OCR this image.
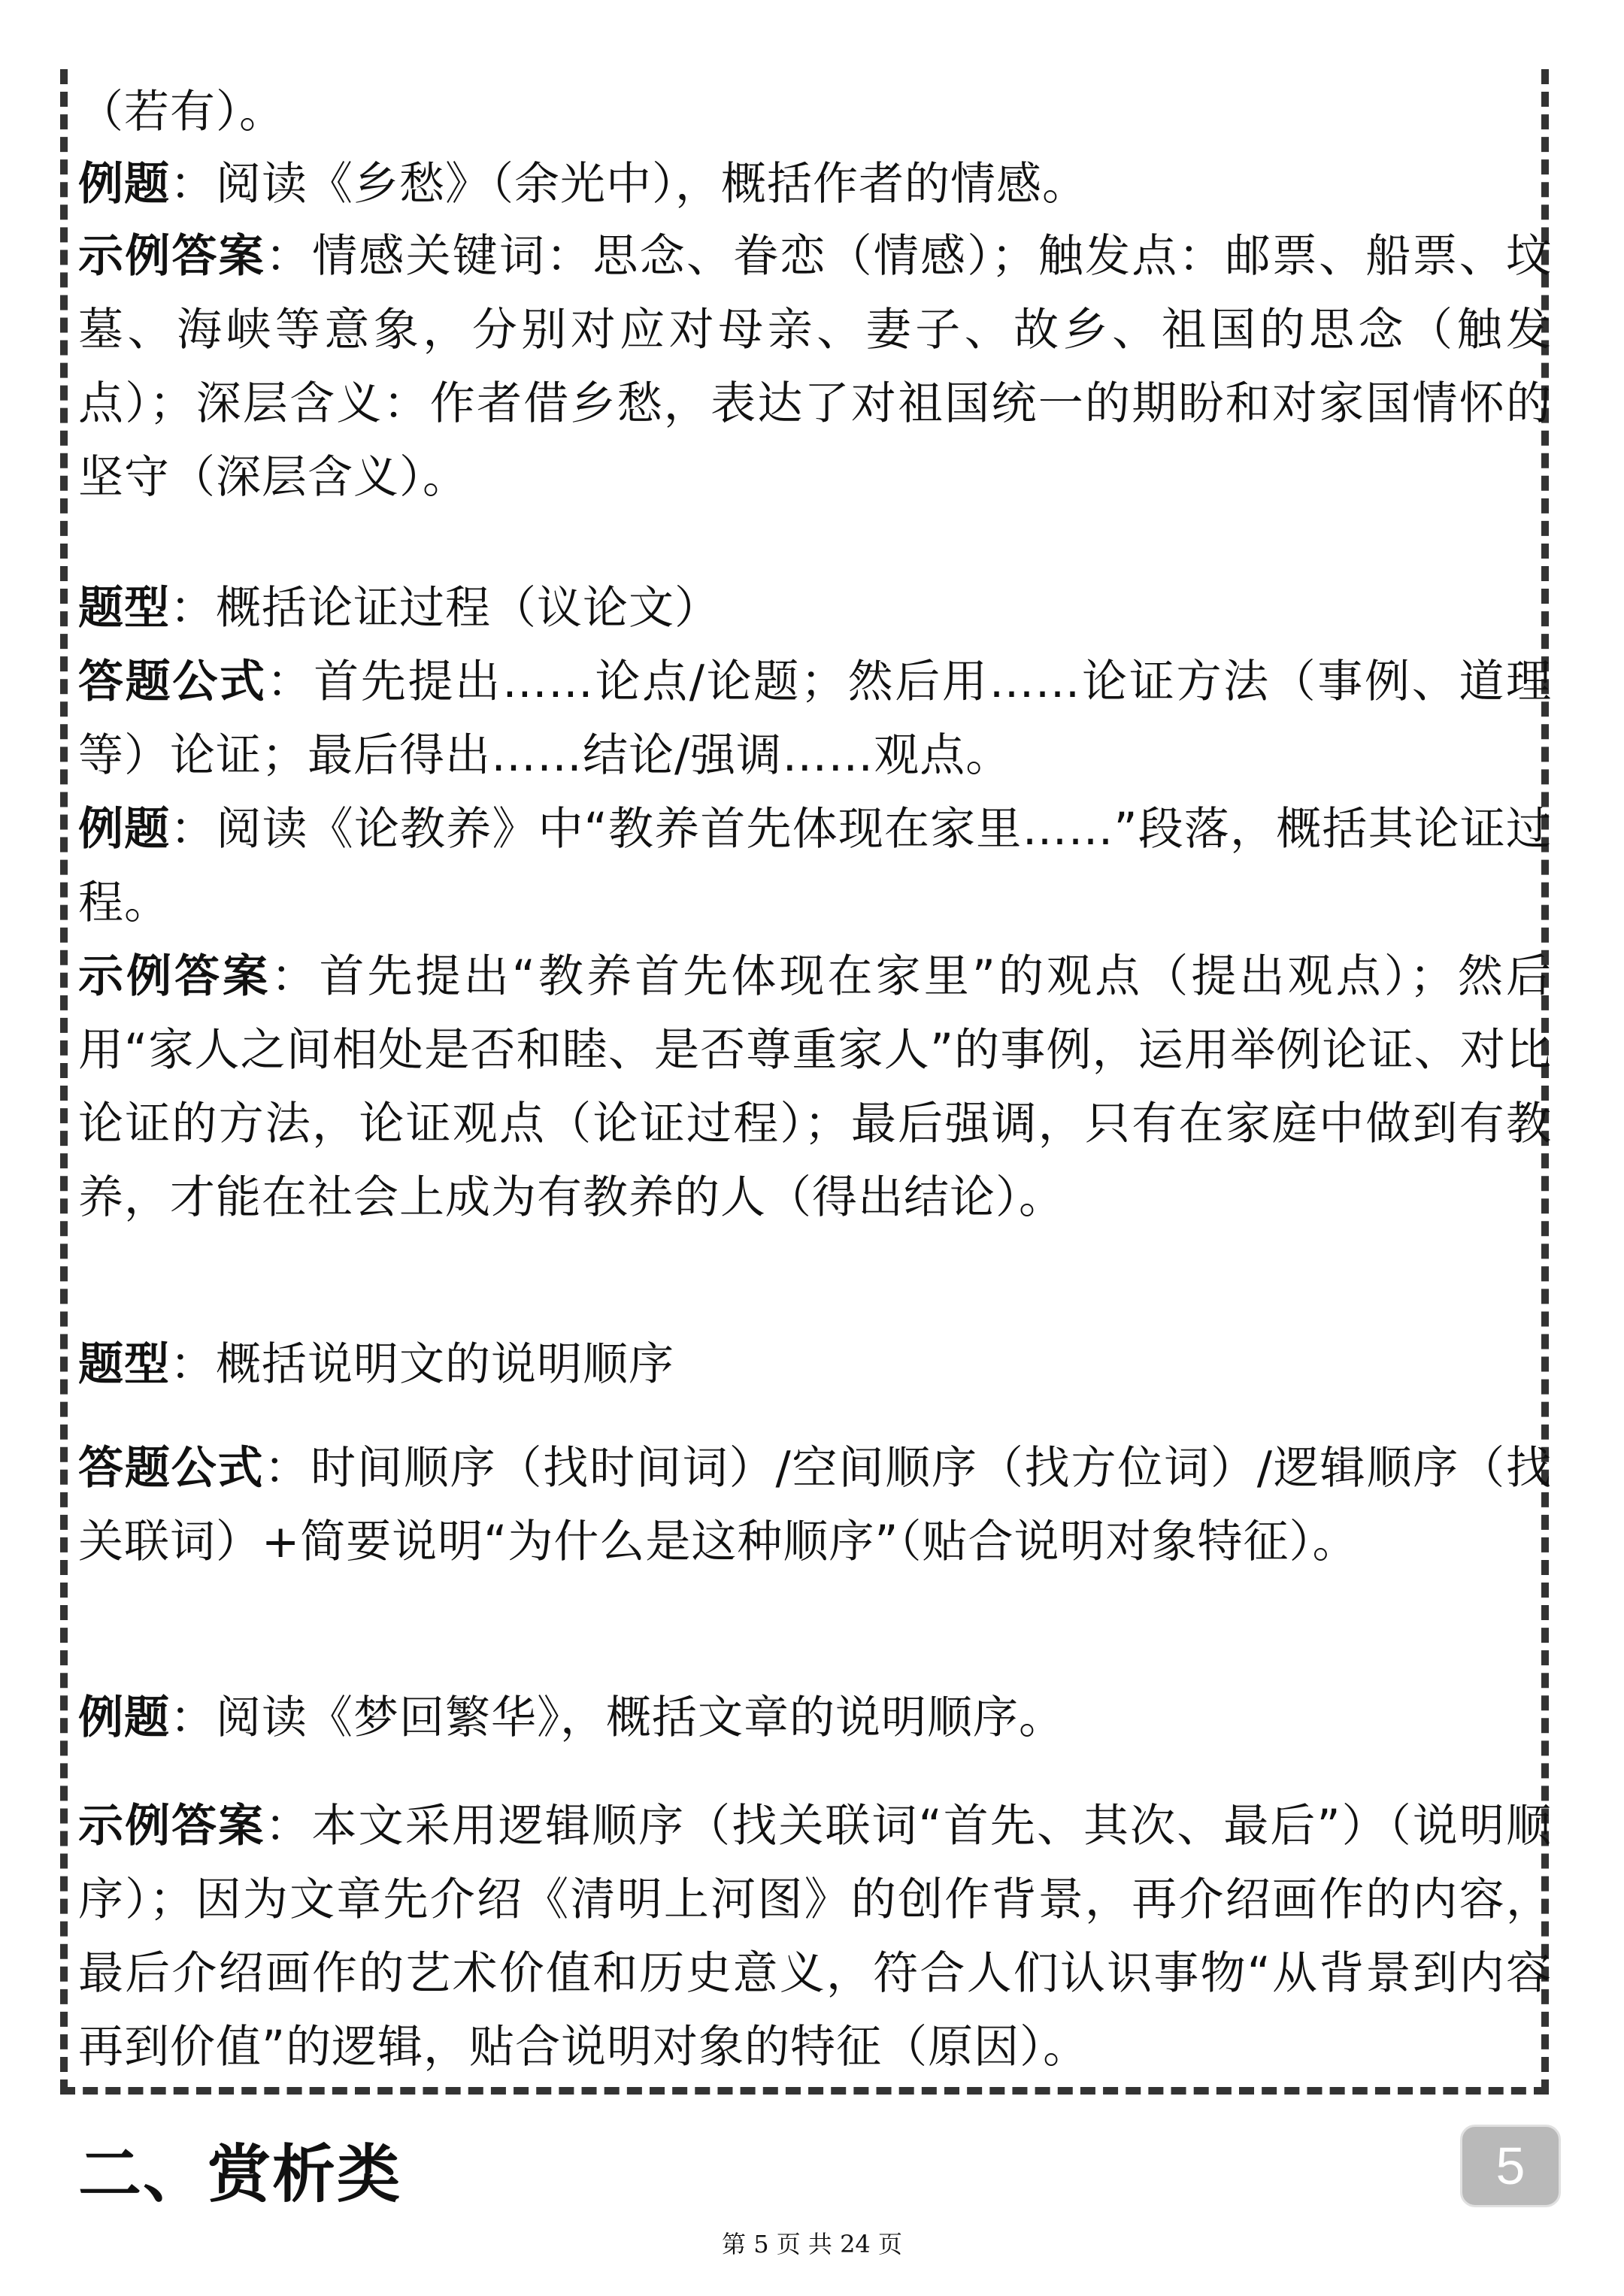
（若有）。
例题：阅读《乡愁》（余光中），概括作者的情感。
示例答案：情感关键词：思念、眷恋（情感）；触发点：邮票、船票、坟墓、海峡等意象，分别对应对母亲、妻子、故乡、祖国的思念（触发点）；深层含义：作者借乡愁，表达了对祖国统一的期盼和对家国情怀的坚守（深层含义）。
题型：概括论证过程（议论文）
答题公式：首先提出……论点/论题；然后用……论证方法（事例、道理等）论证；最后得出……结论/强调……观点。
例题：阅读《论教养》中“教养首先体现在家里……”段落，概括其论证过程。
示例答案：首先提出“教养首先体现在家里”的观点（提出观点）；然后用“家人之间相处是否和睦、是否尊重家人”的事例，运用举例论证、对比论证的方法，论证观点（论证过程）；最后强调，只有在家庭中做到有教养，才能在社会上成为有教养的人（得出结论）。
题型：概括说明文的说明顺序
答题公式：时间顺序（找时间词）/空间顺序（找方位词）/逻辑顺序（找关联词）+简要说明“为什么是这种顺序”（贴合说明对象特征）。
例题：阅读《梦回繁华》，概括文章的说明顺序。
示例答案：本文采用逻辑顺序（找关联词“首先、其次、最后”）（说明顺序）；因为文章先介绍《清明上河图》的创作背景，再介绍画作的内容，最后介绍画作的艺术价值和历史意义，符合人们认识事物“从背景到内容再到价值”的逻辑，贴合说明对象的特征（原因）。
二、赏析类	5
第 5 页 共 24 页
